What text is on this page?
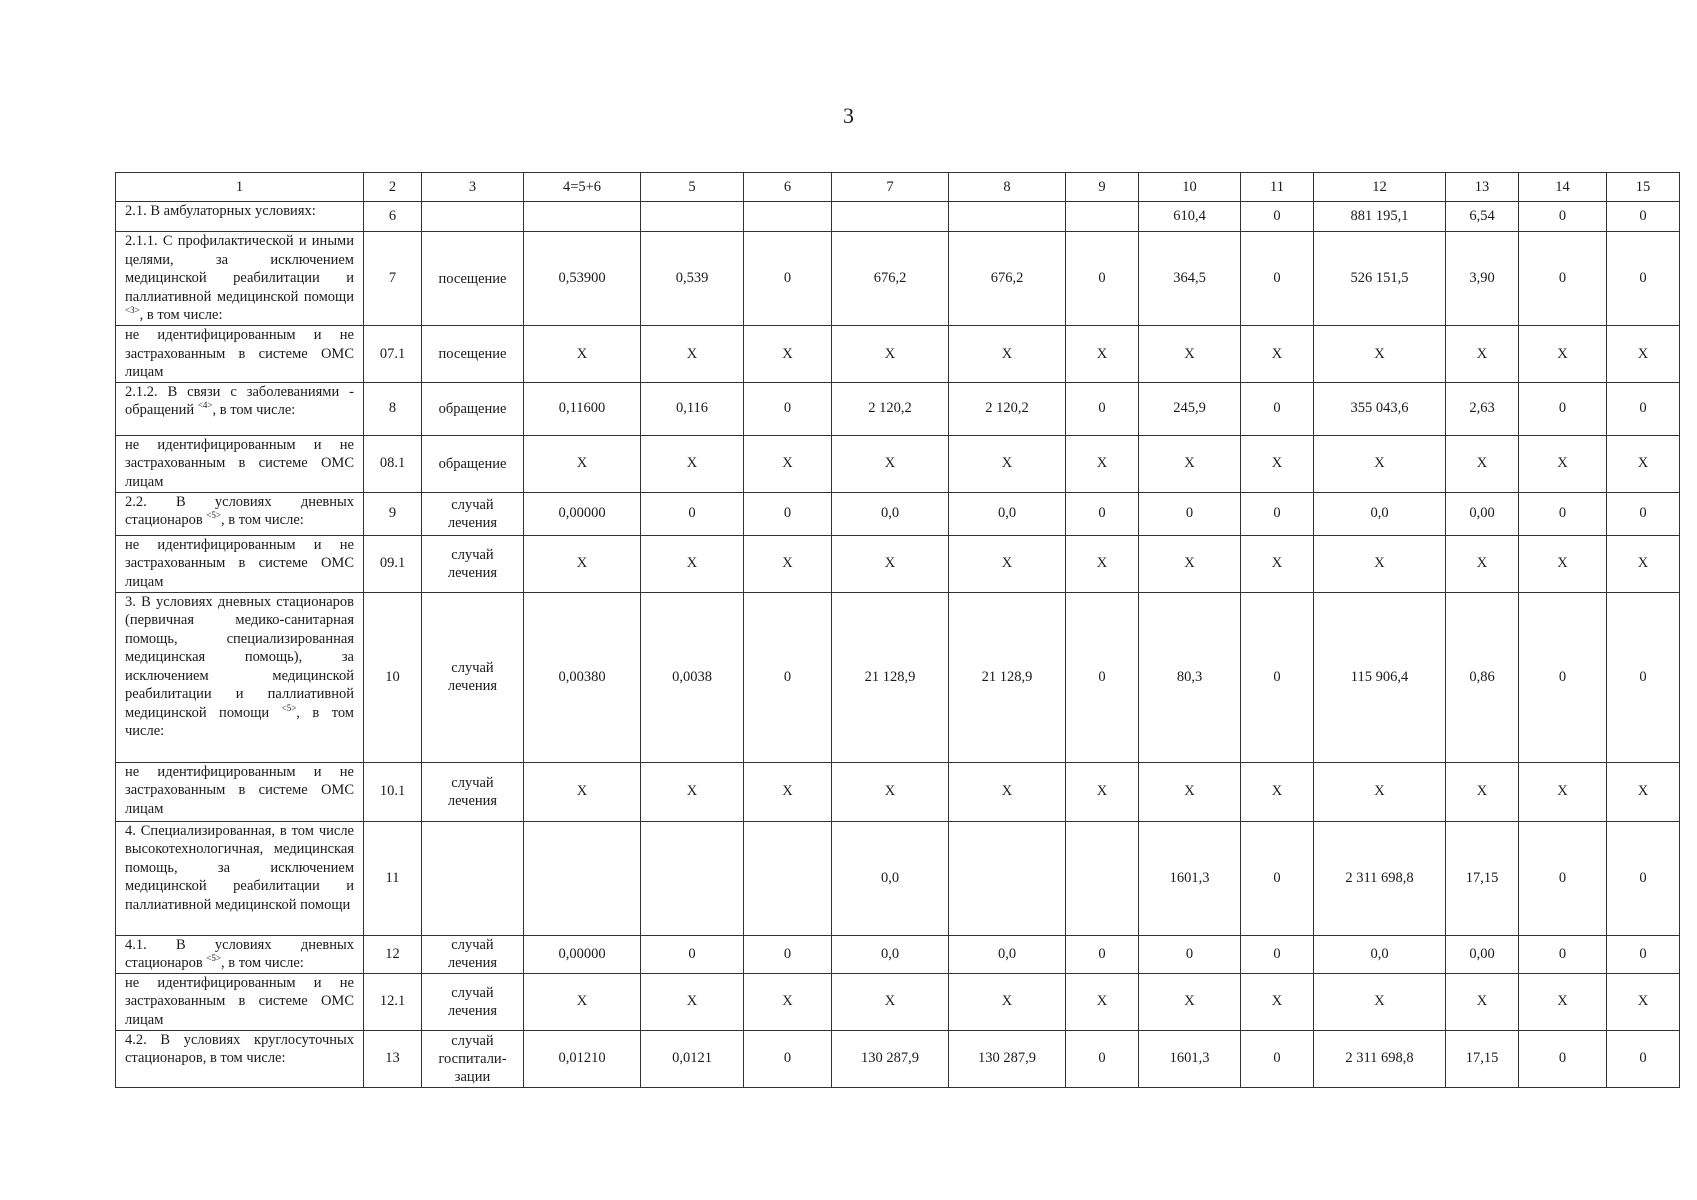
3
1	2	3	4=5+6	5	6	7	8	9	10	11	12	13	14	15
2.1. В амбулаторных условиях:	6								610,4	0	881 195,1	6,54	0	0
2.1.1. С профилактической и иными целями, за исключением медицинской реабилитации и паллиативной медицинской помощи $^{<3>}$, в том числе:	7	посещение	0,53900	0,539	0	676,2	676,2	0	364,5	0	526 151,5	3,90	0	0
не идентифицированным и не застрахованным в системе ОМС лицам	07.1	посещение	X	X	X	X	X	X	X	X	X	X	X	X
2.1.2. В связи с заболеваниями - обращений $^{<4>}$, в том числе:	8	обращение	0,11600	0,116	0	2 120,2	2 120,2	0	245,9	0	355 043,6	2,63	0	0
не идентифицированным и не застрахованным в системе ОМС лицам	08.1	обращение	X	X	X	X	X	X	X	X	X	X	X	X
2.2. В условиях дневных стационаров $^{<5>}$, в том числе:	9	случай лечения	0,00000	0	0	0,0	0,0	0	0	0	0,0	0,00	0	0
не идентифицированным и не застрахованным в системе ОМС лицам	09.1	случай лечения	X	X	X	X	X	X	X	X	X	X	X	X
3. В условиях дневных стационаров (первичная медико-санитарная помощь, специализированная медицинская помощь), за исключением медицинской реабилитации и паллиативной медицинской помощи $^{<5>}$, в том числе:	10	случай лечения	0,00380	0,0038	0	21 128,9	21 128,9	0	80,3	0	115 906,4	0,86	0	0
не идентифицированным и не застрахованным в системе ОМС лицам	10.1	случай лечения	X	X	X	X	X	X	X	X	X	X	X	X
4. Специализированная, в том числе высокотехнологичная, медицинская помощь, за исключением медицинской реабилитации и паллиативной медицинской помощи	11					0,0			1601,3	0	2 311 698,8	17,15	0	0
4.1. В условиях дневных стационаров $^{<5>}$, в том числе:	12	случай лечения	0,00000	0	0	0,0	0,0	0	0	0	0,0	0,00	0	0
не идентифицированным и не застрахованным в системе ОМС лицам	12.1	случай лечения	X	X	X	X	X	X	X	X	X	X	X	X
4.2. В условиях круглосуточных стационаров, в том числе:	13	случай госпитали-зации	0,01210	0,0121	0	130 287,9	130 287,9	0	1601,3	0	2 311 698,8	17,15	0	0
